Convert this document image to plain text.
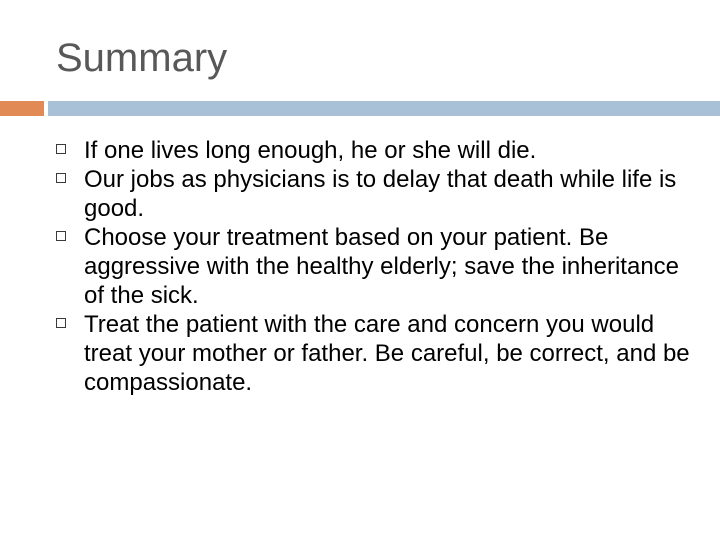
Summary
If one lives long enough, he or she will die.
Our jobs as physicians is to delay that death while life is good.
Choose your treatment based on your patient. Be aggressive with the healthy elderly; save the inheritance of the sick.
Treat the patient with the care and concern you would treat your mother or father. Be careful, be correct, and be compassionate.
